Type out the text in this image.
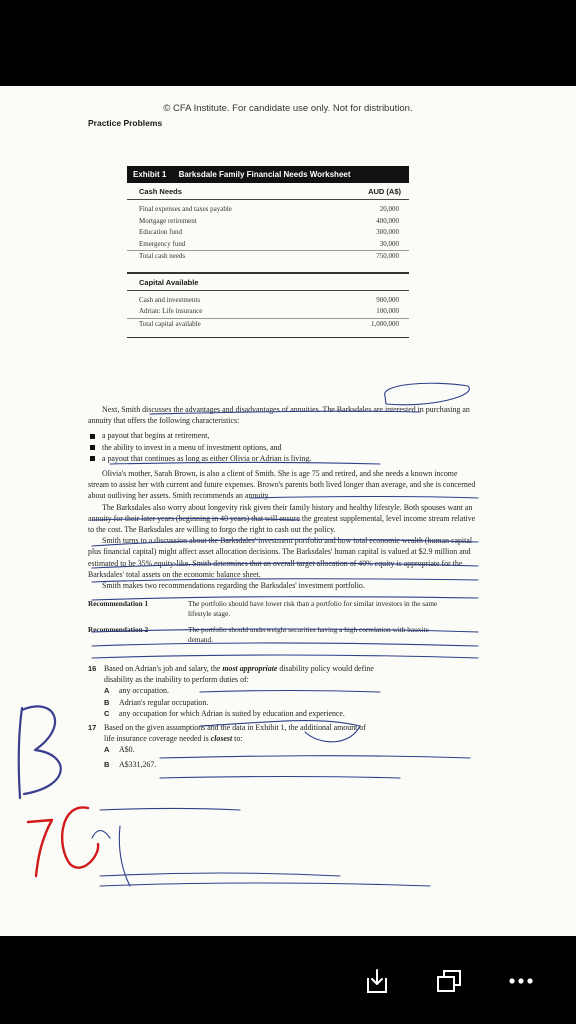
© CFA Institute. For candidate use only. Not for distribution.
Practice Problems
Exhibit 1 Barksdale Family Financial Needs Worksheet
Cash Needs	AUD (A$)
Final expenses and taxes payable	20,000
Mortgage retirement	400,000
Education fund	300,000
Emergency fund	30,000
Total cash needs	750,000
Capital Available
Cash and investments	900,000
Adrian: Life insurance	100,000
Total capital available	1,000,000

Next, Smith discusses the advantages and disadvantages of annuities. The Barksdales are interested in purchasing an annuity that offers the following characteristics:

a payout that begins at retirement,
the ability to invest in a menu of investment options, and
a payout that continues as long as either Olivia or Adrian is living.

Olivia's mother, Sarah Brown, is also a client of Smith. She is age 75 and retired, and she needs a known income stream to assist her with current and future expenses. Brown's parents both lived longer than average, and she is concerned about outliving her assets. Smith recommends an annuity.

The Barksdales also worry about longevity risk given their family history and healthy lifestyle. Both spouses want an annuity for their later years (beginning in 40 years) that will ensure the greatest supplemental, level income stream relative to the cost. The Barksdales are willing to forgo the right to cash out the policy.

Smith turns to a discussion about the Barksdales' investment portfolio and how total economic wealth (human capital plus financial capital) might affect asset allocation decisions. The Barksdales' human capital is valued at $2.9 million and estimated to be 35% equity-like. Smith determines that an overall target allocation of 40% equity is appropriate for the Barksdales' total assets on the economic balance sheet.

Smith makes two recommendations regarding the Barksdales' investment portfolio.

Recommendation 1	The portfolio should have lower risk than a portfolio for similar investors in the same lifestyle stage.
Recommendation 2	The portfolio should underweight securities having a high correlation with bauxite demand.
16 Based on Adrian's job and salary, the most appropriate disability policy would define disability as the inability to perform duties of:
A	any occupation.
B	Adrian's regular occupation.
C	any occupation for which Adrian is suited by education and experience.
17 Based on the given assumptions and the data in Exhibit 1, the additional amount of life insurance coverage needed is closest to:
A	A$0.
B	A$331,267.
